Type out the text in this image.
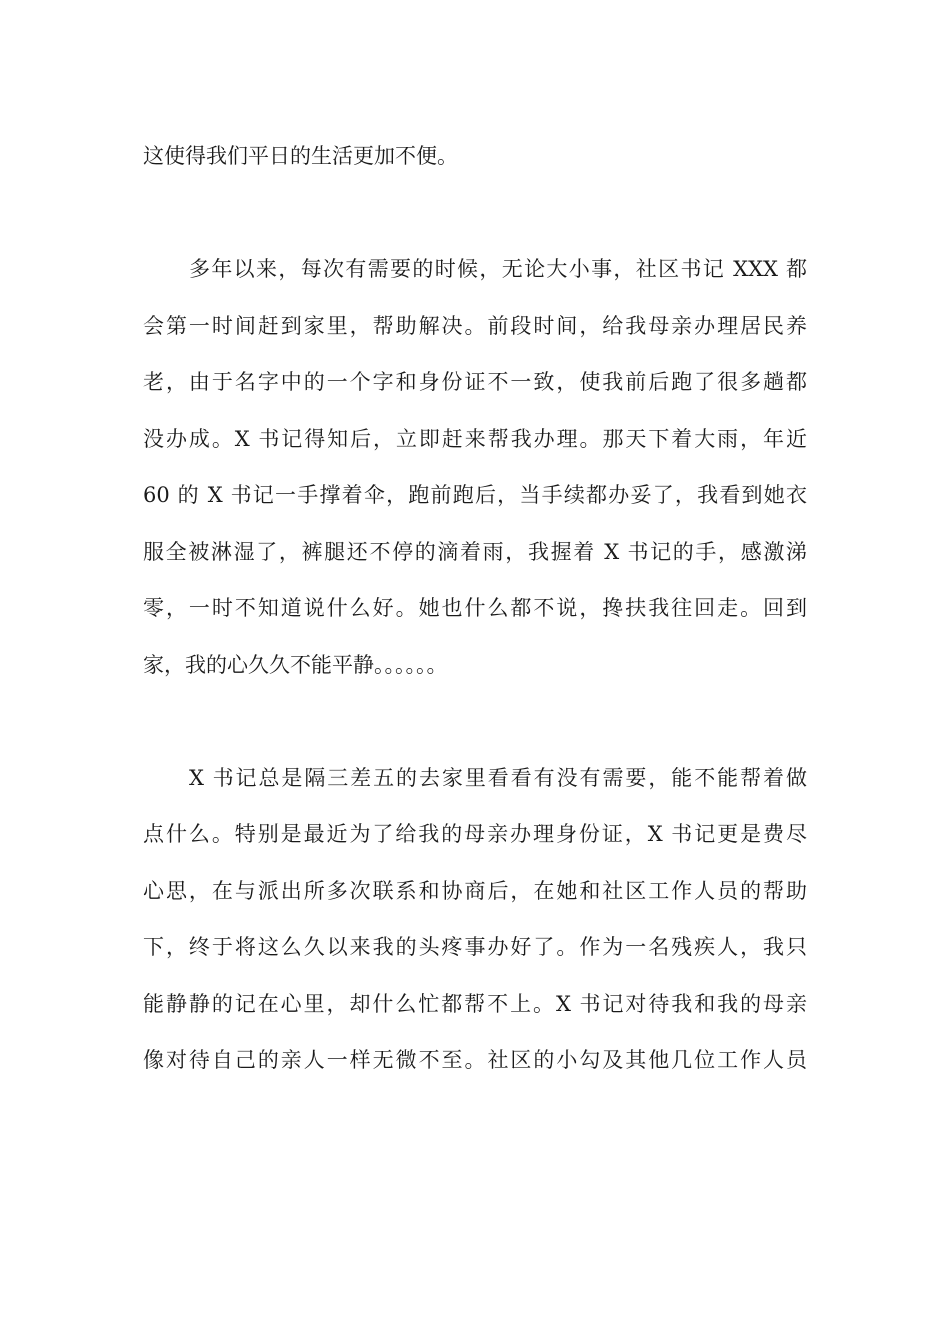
这使得我们平日的生活更加不便。
多年以来，每次有需要的时候，无论大小事，社区书记 XXX 都
会第一时间赶到家里，帮助解决。前段时间，给我母亲办理居民养
老，由于名字中的一个字和身份证不一致，使我前后跑了很多趟都
没办成。X 书记得知后，立即赶来帮我办理。那天下着大雨，年近
60 的 X 书记一手撑着伞，跑前跑后，当手续都办妥了，我看到她衣
服全被淋湿了，裤腿还不停的滴着雨，我握着 X 书记的手，感激涕
零，一时不知道说什么好。她也什么都不说，搀扶我往回走。回到
家，我的心久久不能平静。。。。。。
X 书记总是隔三差五的去家里看看有没有需要，能不能帮着做
点什么。特别是最近为了给我的母亲办理身份证，X 书记更是费尽
心思，在与派出所多次联系和协商后，在她和社区工作人员的帮助
下，终于将这么久以来我的头疼事办好了。作为一名残疾人，我只
能静静的记在心里，却什么忙都帮不上。X 书记对待我和我的母亲
像对待自己的亲人一样无微不至。社区的小勾及其他几位工作人员
